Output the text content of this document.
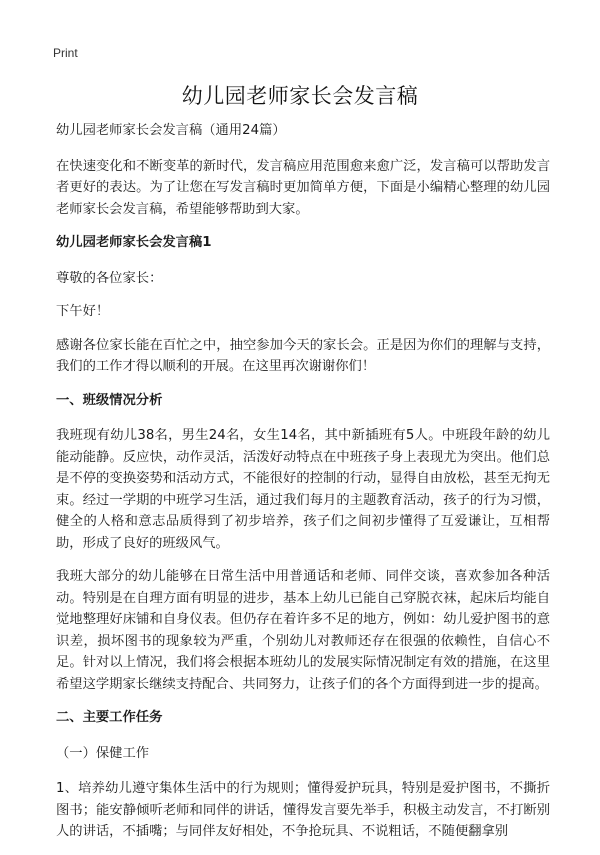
Print
幼儿园老师家长会发言稿

幼儿园老师家长会发言稿（通用24篇）

在快速变化和不断变革的新时代，发言稿应用范围愈来愈广泛，发言稿可以帮助发言者更好的表达。为了让您在写发言稿时更加简单方便，下面是小编精心整理的幼儿园老师家长会发言稿，希望能够帮助到大家。

幼儿园老师家长会发言稿1

尊敬的各位家长：

下午好！

感谢各位家长能在百忙之中，抽空参加今天的家长会。正是因为你们的理解与支持，我们的工作才得以顺利的开展。在这里再次谢谢你们！

一、班级情况分析

我班现有幼儿38名，男生24名，女生14名，其中新插班有5人。中班段年龄的幼儿能动能静。反应快，动作灵活，活泼好动特点在中班孩子身上表现尤为突出。他们总是不停的变换姿势和活动方式，不能很好的控制的行动，显得自由放松，甚至无拘无束。经过一学期的中班学习生活，通过我们每月的主题教育活动，孩子的行为习惯，健全的人格和意志品质得到了初步培养，孩子们之间初步懂得了互爱谦让，互相帮助，形成了良好的班级风气。

我班大部分的幼儿能够在日常生活中用普通话和老师、同伴交谈，喜欢参加各种活动。特别是在自理方面有明显的进步，基本上幼儿已能自己穿脱衣袜，起床后均能自觉地整理好床铺和自身仪表。但仍存在着许多不足的地方，例如：幼儿爱护图书的意识差，损坏图书的现象较为严重，个别幼儿对教师还存在很强的依赖性，自信心不足。针对以上情况，我们将会根据本班幼儿的发展实际情况制定有效的措施，在这里希望这学期家长继续支持配合、共同努力，让孩子们的各个方面得到进一步的提高。

二、主要工作任务

（一）保健工作

1、培养幼儿遵守集体生活中的行为规则；懂得爱护玩具，特别是爱护图书，不撕折图书；能安静倾听老师和同伴的讲话，懂得发言要先举手，积极主动发言，不打断别人的讲话，不插嘴；与同伴友好相处，不争抢玩具、不说粗话，不随便翻拿别
